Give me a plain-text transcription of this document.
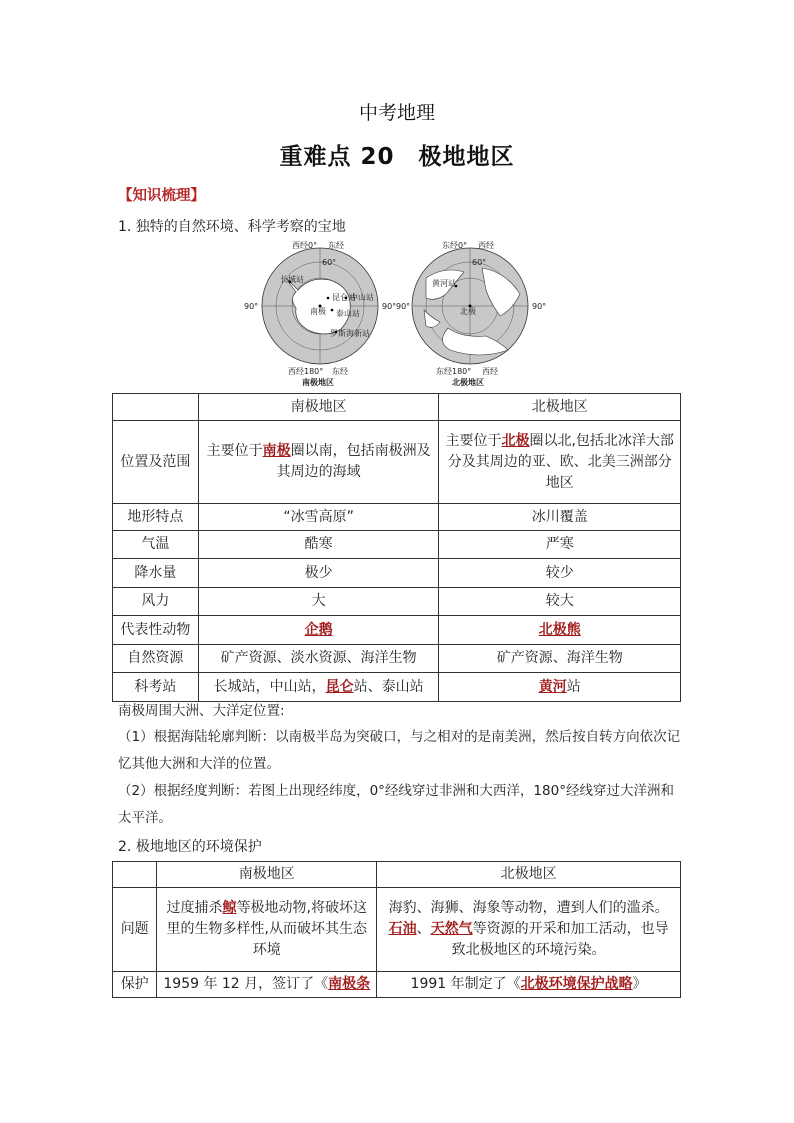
中考地理
重难点 20　极地地区
【知识梳理】
1. 独特的自然环境、科学考察的宝地
西经0° 东经
90°	90°
60°
长城站
昆仑站
中山站
泰山站
南极
罗斯海新站
西经180° 东经
南极地区
东经0° 西经
90°	90°
60°
黄河站
北极
东经180° 西经
北极地区
	南极地区	北极地区
位置及范围	主要位于南极圈以南，包括南极洲及其周边的海域	主要位于北极圈以北,包括北冰洋大部分及其周边的亚、欧、北美三洲部分地区
地形特点	“冰雪高原”	冰川覆盖
气温	酷寒	严寒
降水量	极少	较少
风力	大	较大
代表性动物	企鹅	北极熊
自然资源	矿产资源、淡水资源、海洋生物	矿产资源、海洋生物
科考站	长城站，中山站，昆仑站、泰山站	黄河站
南极周围大洲、大洋定位置:
（1）根据海陆轮廓判断：以南极半岛为突破口，与之相对的是南美洲，然后按自转方向依次记忆其他大洲和大洋的位置。
（2）根据经度判断：若图上出现经纬度，0°经线穿过非洲和大西洋，180°经线穿过大洋洲和太平洋。
2. 极地地区的环境保护
	南极地区	北极地区
问题	过度捕杀鲸等极地动物,将破坏这里的生物多样性,从而破坏其生态环境	海豹、海狮、海象等动物，遭到人们的滥杀。石油、天然气等资源的开采和加工活动，也导致北极地区的环境污染。
保护	1959 年 12 月，签订了《南极条	1991 年制定了《北极环境保护战略》
